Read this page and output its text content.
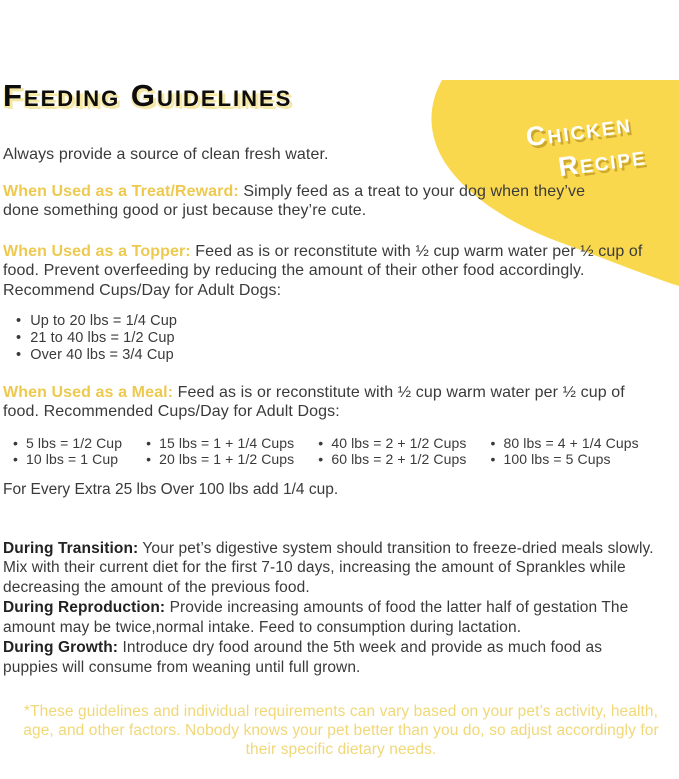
Chicken
Recipe
Feeding Guidelines

Always provide a source of clean fresh water.

When Used as a Treat/Reward: Simply feed as a treat to your dog when they’ve done something good or just because they’re cute.

When Used as a Topper: Feed as is or reconstitute with ½ cup warm water per ½ cup of food. Prevent overfeeding by reducing the amount of their other food accordingly. Recommend Cups/Day for Adult Dogs:

• Up to 20 lbs = 1/4 Cup
• 21 to 40 lbs = 1/2 Cup
• Over 40 lbs = 3/4 Cup

When Used as a Meal: Feed as is or reconstitute with ½ cup warm water per ½ cup of food. Recommended Cups/Day for Adult Dogs:

• 5 lbs = 1/2 Cup
• 10 lbs = 1 Cup
• 15 lbs = 1 + 1/4 Cups
• 20 lbs = 1 + 1/2 Cups
• 40 lbs = 2 + 1/2 Cups
• 60 lbs = 2 + 1/2 Cups
• 80 lbs = 4 + 1/4 Cups
• 100 lbs = 5 Cups

For Every Extra 25 lbs Over 100 lbs add 1/4 cup.

During Transition: Your pet’s digestive system should transition to freeze-dried meals slowly. Mix with their current diet for the first 7-10 days, increasing the amount of Sprankles while decreasing the amount of the previous food.

During Reproduction: Provide increasing amounts of food the latter half of gestation The amount may be twice,normal intake. Feed to consumption during lactation.

During Growth: Introduce dry food around the 5th week and provide as much food as puppies will consume from weaning until full grown.

*These guidelines and individual requirements can vary based on your pet’s activity, health, age, and other factors. Nobody knows your pet better than you do, so adjust accordingly for their specific dietary needs.
